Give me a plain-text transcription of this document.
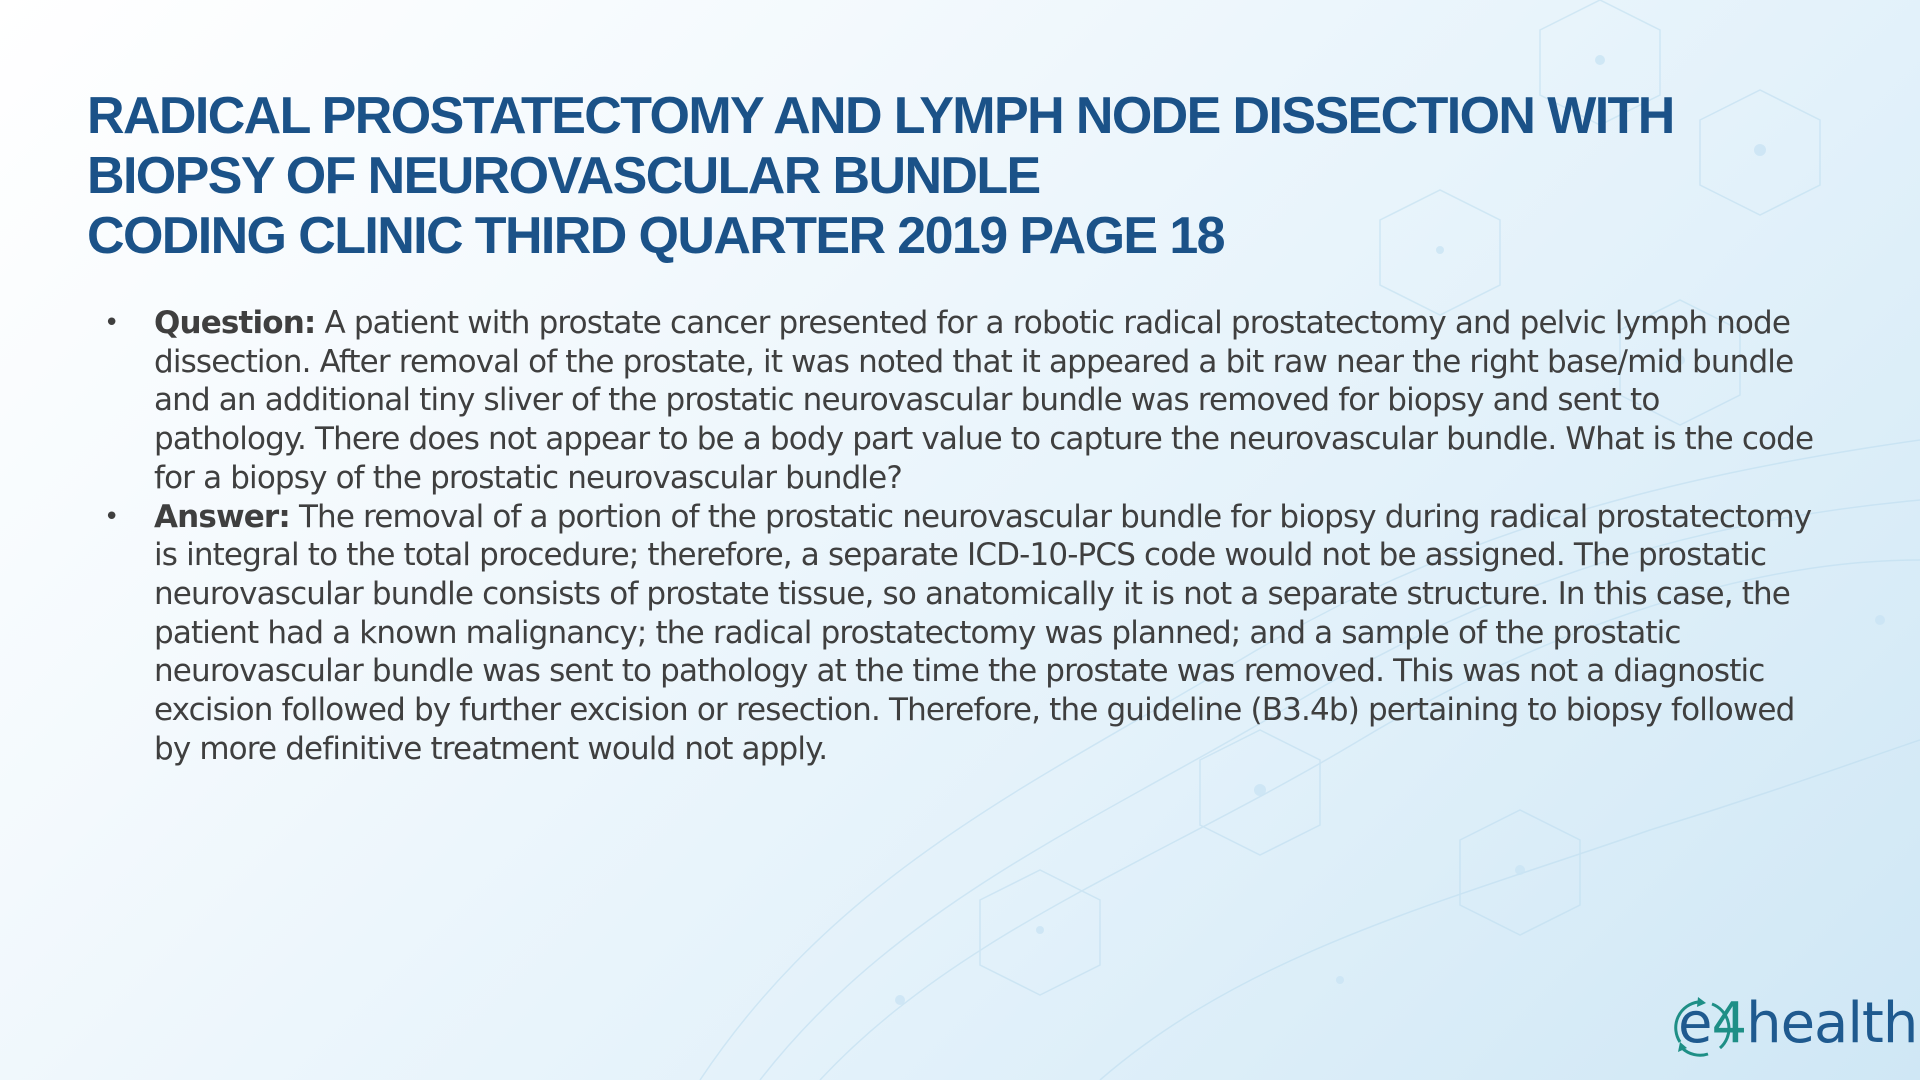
RADICAL PROSTATECTOMY AND LYMPH NODE DISSECTION WITH
BIOPSY OF NEUROVASCULAR BUNDLE
CODING CLINIC THIRD QUARTER 2019 PAGE 18
• Question: A patient with prostate cancer presented for a robotic radical prostatectomy and pelvic lymph node dissection. After removal of the prostate, it was noted that it appeared a bit raw near the right base/mid bundle and an additional tiny sliver of the prostatic neurovascular bundle was removed for biopsy and sent to pathology. There does not appear to be a body part value to capture the neurovascular bundle. What is the code for a biopsy of the prostatic neurovascular bundle?
• Answer: The removal of a portion of the prostatic neurovascular bundle for biopsy during radical prostatectomy is integral to the total procedure; therefore, a separate ICD-10-PCS code would not be assigned. The prostatic neurovascular bundle consists of prostate tissue, so anatomically it is not a separate structure. In this case, the patient had a known malignancy; the radical prostatectomy was planned; and a sample of the prostatic neurovascular bundle was sent to pathology at the time the prostate was removed. This was not a diagnostic excision followed by further excision or resection. Therefore, the guideline (B3.4b) pertaining to biopsy followed by more definitive treatment would not apply.
e4health
